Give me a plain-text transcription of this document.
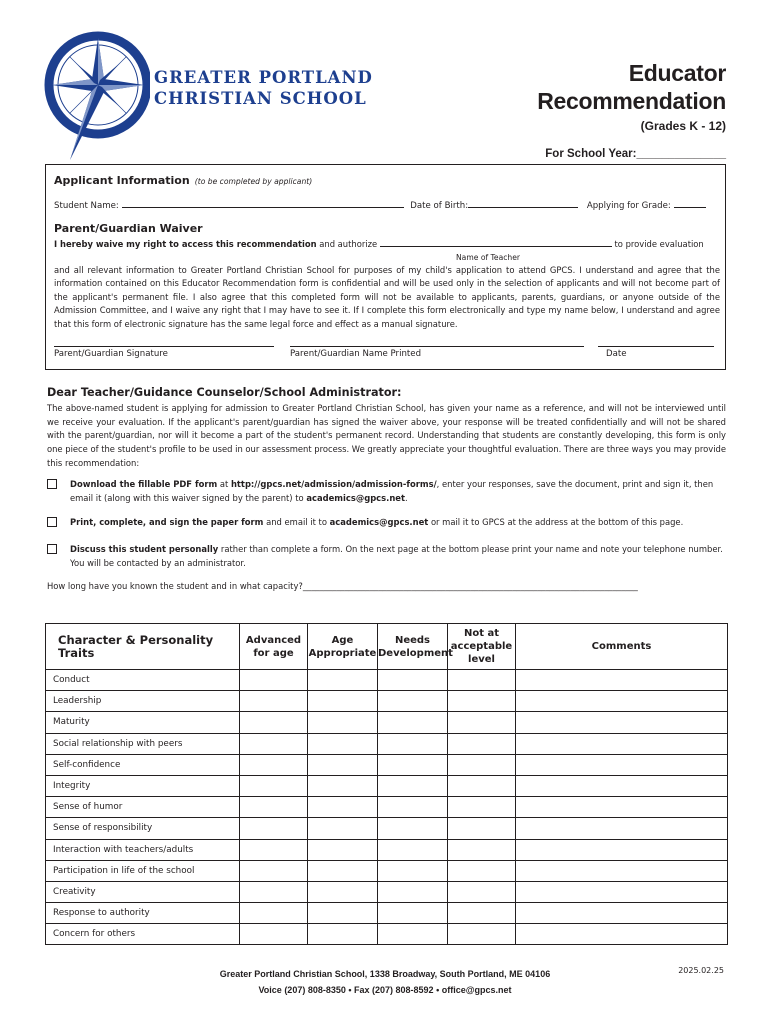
GREATER PORTLAND
CHRISTIAN SCHOOL
Educator
Recommendation
(Grades K - 12)
For School Year:______________
Applicant Information (to be completed by applicant)
Student Name:	Date of Birth:	Applying for Grade:
Parent/Guardian Waiver
I hereby waive my right to access this recommendation and authorize	to provide evaluation
Name of Teacher
and all relevant information to Greater Portland Christian School for purposes of my child's application to attend GPCS. I understand and agree that the information contained on this Educator Recommendation form is confidential and will be used only in the selection of applicants and will not become part of the applicant's permanent file. I also agree that this completed form will not be available to applicants, parents, guardians, or anyone outside of the Admission Committee, and I waive any right that I may have to see it. If I complete this form electronically and type my name below, I understand and agree that this form of electronic signature has the same legal force and effect as a manual signature.
Parent/Guardian Signature	Parent/Guardian Name Printed	Date
Dear Teacher/Guidance Counselor/School Administrator:
The above-named student is applying for admission to Greater Portland Christian School, has given your name as a reference, and will not be interviewed until we receive your evaluation. If the applicant's parent/guardian has signed the waiver above, your response will be treated confidentially and will not be shared with the parent/guardian, nor will it become a part of the student's permanent record. Understanding that students are constantly developing, this form is only one piece of the student's profile to be used in our assessment process. We greatly appreciate your thoughtful evaluation. There are three ways you may provide this recommendation:
Download the fillable PDF form at http://gpcs.net/admission/admission-forms/, enter your responses, save the document, print and sign it, then email it (along with this waiver signed by the parent) to academics@gpcs.net.
Print, complete, and sign the paper form and email it to academics@gpcs.net or mail it to GPCS at the address at the bottom of this page.
Discuss this student personally rather than complete a form. On the next page at the bottom please print your name and note your telephone number. You will be contacted by an administrator.
How long have you known the student and in what capacity?________________________________________________________________________________
Character & Personality Traits	Advanced for age	Age Appropriate	Needs Development	Not at acceptable level	Comments
Conduct					
Leadership					
Maturity					
Social relationship with peers					
Self-confidence					
Integrity					
Sense of humor					
Sense of responsibility					
Interaction with teachers/adults					
Participation in life of the school					
Creativity					
Response to authority					
Concern for others					
Greater Portland Christian School, 1338 Broadway, South Portland, ME 04106
Voice (207) 808-8350 • Fax (207) 808-8592 • office@gpcs.net
2025.02.25
